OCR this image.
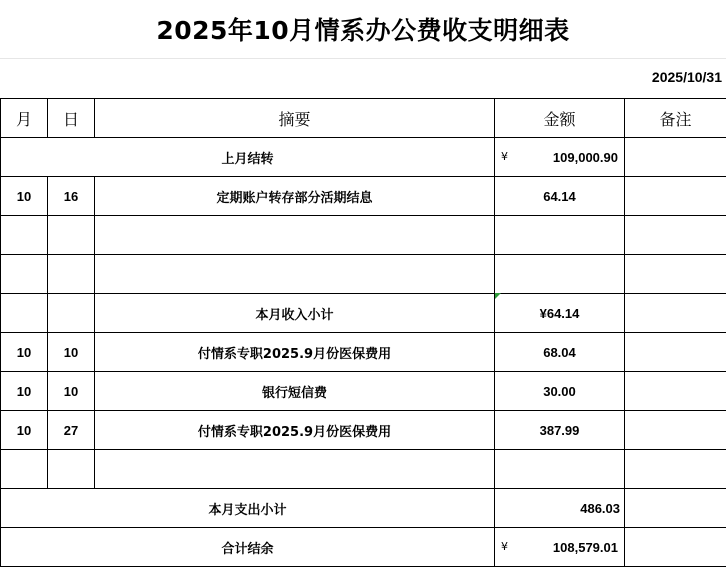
2025年10月情系办公费收支明细表
2025/10/31
月	日	摘要	金额	备注
上月结转			¥ 109,000.90	

10	16	定期账户转存部分活期结息	64.14	

		本月收入小计	¥64.14	
10	10	付情系专职2025.9月份医保费用	68.04	
10	10	银行短信费	30.00	
10	27	付情系专职2025.9月份医保费用	387.99	

本月支出小计			486.03	

合计结余			¥ 108,579.01	
